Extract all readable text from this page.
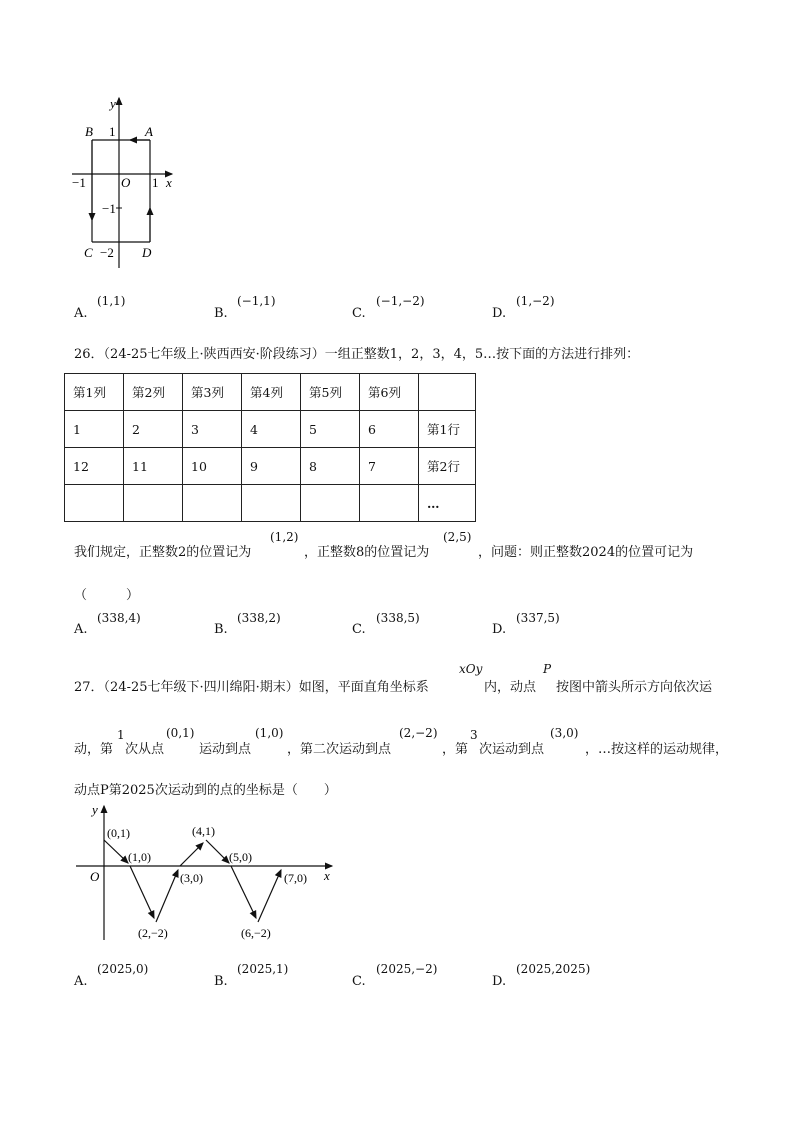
y
x
B 1 A
−1	O 1
−1
C −2 D
A.
(1,1)
B.
(−1,1)
C.
(−1,−2)
D.
(1,−2)
26．（24-25七年级上·陕西西安·阶段练习）一组正整数1，2，3，4，5…按下面的方法进行排列：
第1列	第2列	第3列	第4列	第5列	第6列	
1	2	3	4	5	6	第1行
12	11	10	9	8	7	第2行
						…
我们规定，正整数2的位置记为
(1,2)
，正整数8的位置记为
(2,5)
，问题：则正整数2024的位置可记为
（　　　）
A.
(338,4)
B.
(338,2)
C.
(338,5)
D.
(337,5)
27．（24-25七年级下·四川绵阳·期末）如图，平面直角坐标系
xOy
内，动点
P
按图中箭头所示方向依次运
动，第
1
次从点
(0,1)
运动到点
(1,0)
，第二次运动到点
(2,−2)
，第
3
次运动到点
(3,0)
，…按这样的运动规律，
动点P第2025次运动到的点的坐标是（　　）
y
x
O
(0,1)
(1,0)
(2,−2)
(3,0)
(4,1)
(5,0)
(6,−2)
(7,0)
A.
(2025,0)
B.
(2025,1)
C.
(2025,−2)
D.
(2025,2025)
